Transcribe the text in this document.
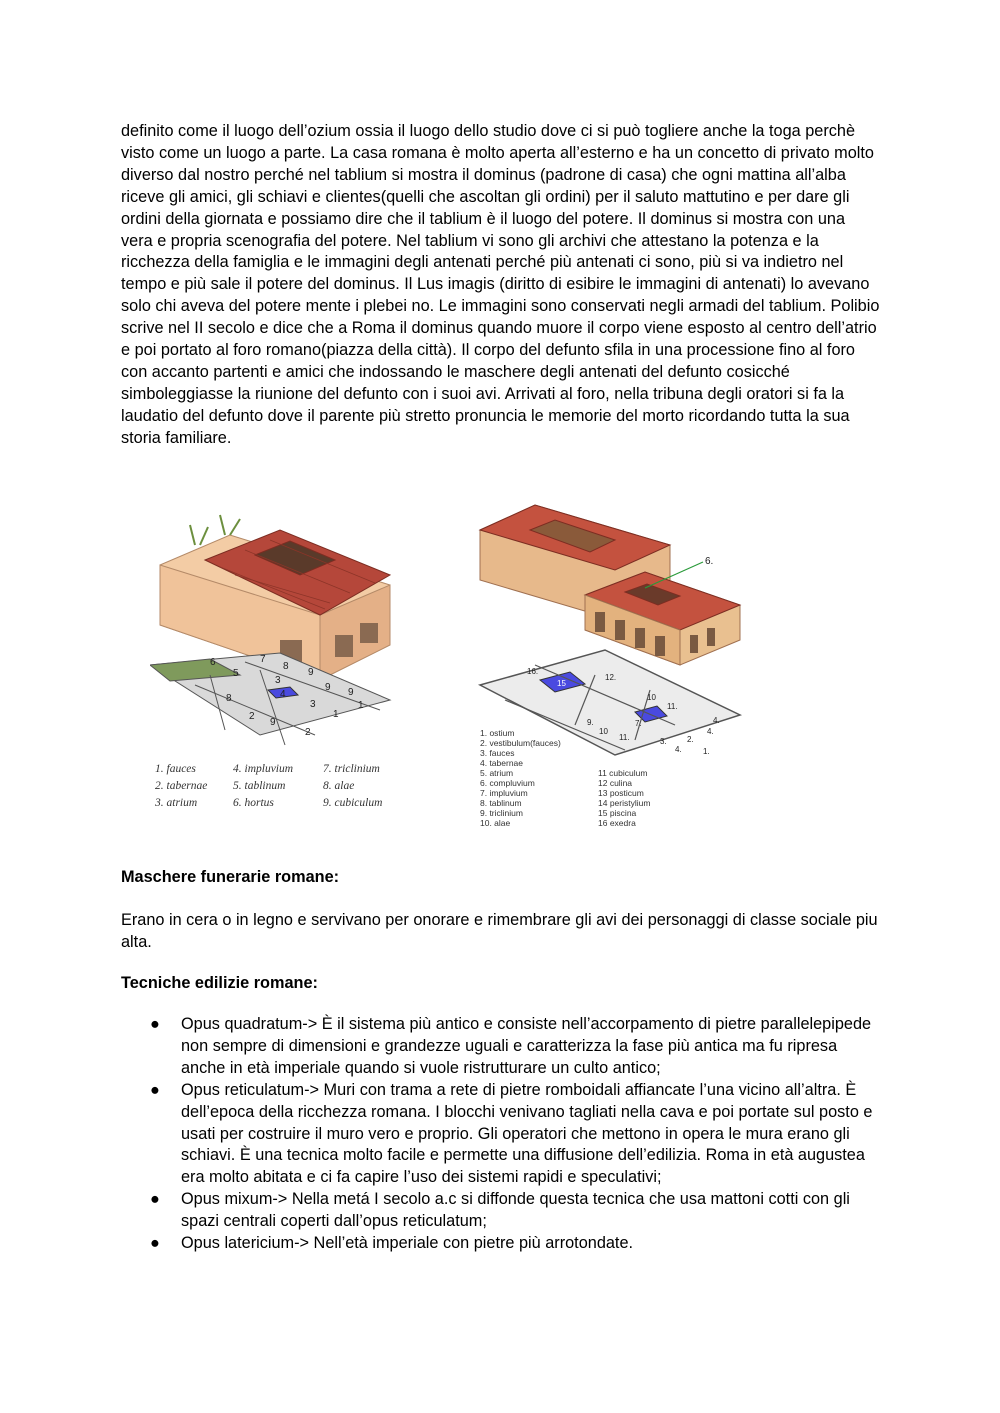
definito come il luogo dell’ozium ossia il luogo dello studio dove ci si può togliere anche la toga perchè visto come un luogo a parte. La casa romana è molto aperta all’esterno e ha un concetto di privato molto diverso dal nostro perché nel tablium si mostra il dominus (padrone di casa) che ogni mattina all’alba riceve gli amici, gli schiavi e clientes(quelli che ascoltan gli ordini) per il saluto mattutino e per dare gli ordini della giornata e possiamo dire che il tablium è il luogo del potere. Il dominus si mostra con una vera e propria scenografia del potere. Nel tablium vi sono gli archivi che attestano la potenza e la ricchezza della famiglia e le immagini degli antenati perché più antenati ci sono, più si va indietro nel tempo e più sale il potere del dominus. Il Lus imagis (diritto di esibire le immagini di antenati) lo avevano solo chi aveva del potere mente i plebei no. Le immagini sono conservati negli armadi del tablium. Polibio scrive nel II secolo e dice che a Roma il dominus quando muore il corpo viene esposto al centro dell’atrio e poi portato al foro romano(piazza della città). Il corpo del defunto sfila in una processione fino al foro con accanto partenti e amici che indossando le maschere degli antenati del defunto cosicché simboleggiasse la riunione del defunto con i suoi avi. Arrivati al foro, nella tribuna degli oratori si fa la laudatio del defunto dove il parente più stretto pronuncia le memorie del morto ricordando tutta la sua storia familiare.

6	7
8
9
5
3
4
8
9 9
9
3
2
1
1
2
1. fauces	4. impluvium	7. triclinium
2. tabernae 5. tablinum	8. alae
3. atrium	6. hortus	9. cubiculum
6.
16.
12.
15
10
11.
4.
9.
10
11.
7.
2.
4.
3.
4.	1.
1. ostium
2. vestibulum(fauces)
3. fauces
4. tabernae
5. atrium
6. compluvium
7. impluvium
8. tablinum
9. triclinium
10. alae
11 cubiculum
12 culina
13 posticum
14 peristylium
15 piscina
16 exedra

Maschere funerarie romane:

Erano in cera o in legno e servivano per onorare e rimembrare gli avi dei personaggi di classe sociale piu alta.

Tecniche edilizie romane:

● Opus quadratum-> È il sistema più antico e consiste nell’accorpamento di pietre parallelepipede non sempre di dimensioni e grandezze uguali e caratterizza la fase più antica ma fu ripresa anche in età imperiale quando si vuole ristrutturare un culto antico;
● Opus reticulatum-> Muri con trama a rete di pietre romboidali affiancate l’una vicino all’altra. È dell’epoca della ricchezza romana. I blocchi venivano tagliati nella cava e poi portate sul posto e usati per costruire il muro vero e proprio. Gli operatori che mettono in opera le mura erano gli schiavi. È una tecnica molto facile e permette una diffusione dell’edilizia. Roma in età augustea era molto abitata e ci fa capire l’uso dei sistemi rapidi e speculativi;
● Opus mixum-> Nella metá I secolo a.c si diffonde questa tecnica che usa mattoni cotti con gli spazi centrali coperti dall’opus reticulatum;
● Opus latericium-> Nell’età imperiale con pietre più arrotondate.
